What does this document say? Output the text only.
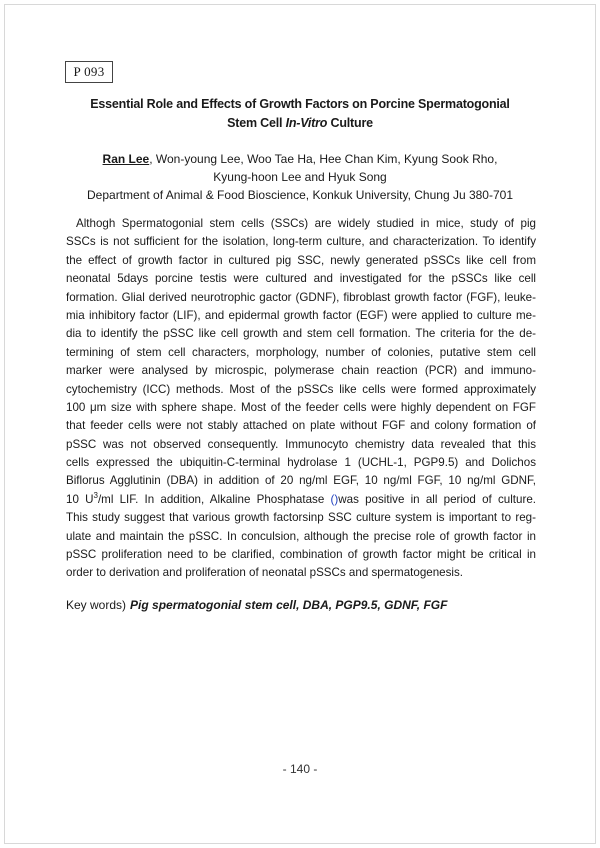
P 093
Essential Role and Effects of Growth Factors on Porcine Spermatogonial
Stem Cell In-Vitro Culture
Ran Lee, Won-young Lee, Woo Tae Ha, Hee Chan Kim, Kyung Sook Rho,
Kyung-hoon Lee and Hyuk Song
Department of Animal & Food Bioscience, Konkuk University, Chung Ju 380-701
Althogh Spermatogonial stem cells (SSCs) are widely studied in mice, study of pig
SSCs is not sufficient for the isolation, long-term culture, and characterization. To identify
the effect of growth factor in cultured pig SSC, newly generated pSSCs like cell from
neonatal 5days porcine testis were cultured and investigated for the pSSCs like cell
formation. Glial derived neurotrophic gactor (GDNF), fibroblast growth factor (FGF), leuke-
mia inhibitory factor (LIF), and epidermal growth factor (EGF) were applied to culture me-
dia to identify the pSSC like cell growth and stem cell formation. The criteria for the de-
termining of stem cell characters, morphology, number of colonies, putative stem cell
marker were analysed by microspic, polymerase chain reaction (PCR) and immuno-
cytochemistry (ICC) methods. Most of the pSSCs like cells were formed approximately
100 μm size with sphere shape. Most of the feeder cells were highly dependent on FGF
that feeder cells were not stably attached on plate without FGF and colony formation of
pSSC was not observed consequently. Immunocyto chemistry data revealed that this
cells expressed the ubiquitin-C-terminal hydrolase 1 (UCHL-1, PGP9.5) and Dolichos
Biflorus Agglutinin (DBA) in addition of 20 ng/ml EGF, 10 ng/ml FGF, 10 ng/ml GDNF,
10 $U^3/ml$ LIF. In addition, Alkaline Phosphatase ()was positive in all period of culture.
This study suggest that various growth factorsinp SSC culture system is important to reg-
ulate and maintain the pSSC. In conculsion, although the precise role of growth factor in
pSSC proliferation need to be clarified, combination of growth factor might be critical in
order to derivation and proliferation of neonatal pSSCs and spermatogenesis.
Key words) Pig spermatogonial stem cell, DBA, PGP9.5, GDNF, FGF
- 140 -
